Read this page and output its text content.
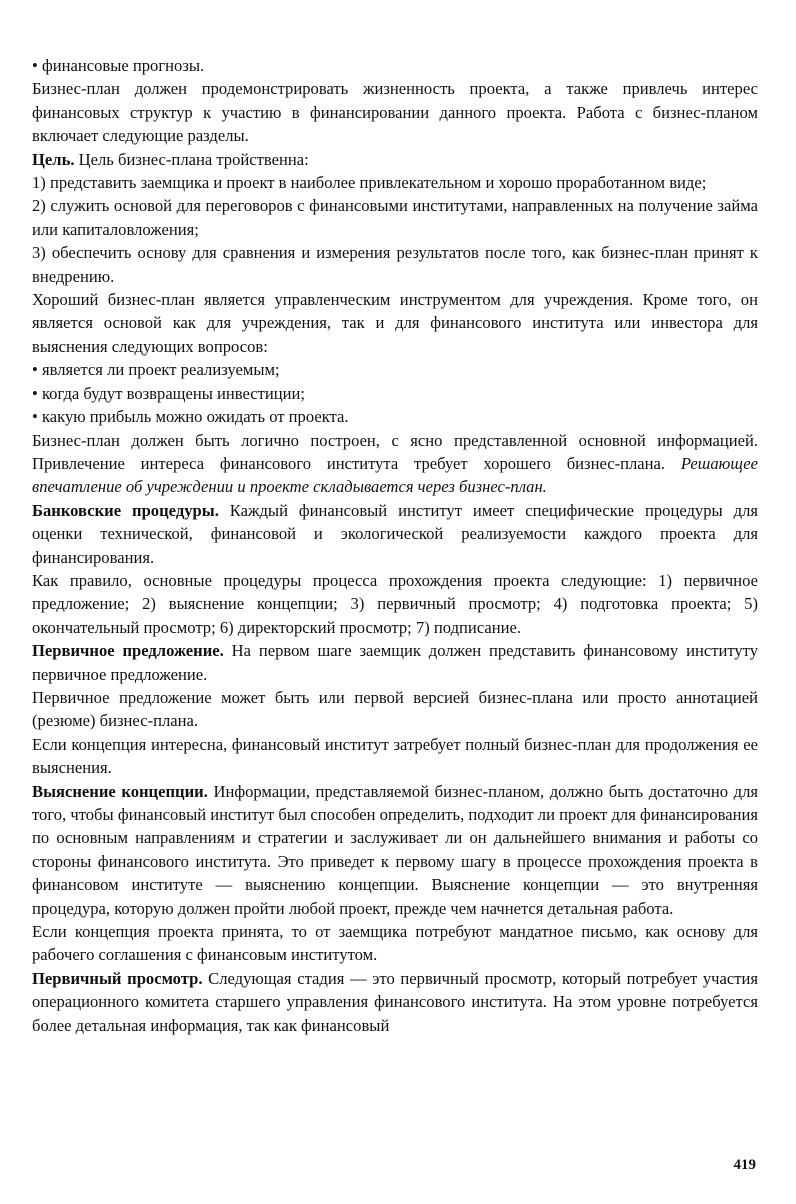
• финансовые прогнозы.

Бизнес-план должен продемонстрировать жизненность проекта, а также привлечь интерес финансовых структур к участию в финансировании данного проекта. Работа с бизнес-планом включает следующие разделы.

Цель. Цель бизнес-плана тройственна:

1) представить заемщика и проект в наиболее привлекательном и хорошо проработанном виде;

2) служить основой для переговоров с финансовыми институтами, направленных на получение займа или капиталовложения;

3) обеспечить основу для сравнения и измерения результатов после того, как бизнес-план принят к внедрению.

Хороший бизнес-план является управленческим инструментом для учреждения. Кроме того, он является основой как для учреждения, так и для финансового института или инвестора для выяснения следующих вопросов:

• является ли проект реализуемым;

• когда будут возвращены инвестиции;

• какую прибыль можно ожидать от проекта.

Бизнес-план должен быть логично построен, с ясно представленной основной информацией. Привлечение интереса финансового института требует хорошего бизнес-плана. Решающее впечатление об учреждении и проекте складывается через бизнес-план.

Банковские процедуры. Каждый финансовый институт имеет специфические процедуры для оценки технической, финансовой и экологической реализуемости каждого проекта для финансирования.

Как правило, основные процедуры процесса прохождения проекта следующие: 1) первичное предложение; 2) выяснение концепции; 3) первичный просмотр; 4) подготовка проекта; 5) окончательный просмотр; 6) директорский просмотр; 7) подписание.

Первичное предложение. На первом шаге заемщик должен представить финансовому институту первичное предложение.

Первичное предложение может быть или первой версией бизнес-плана или просто аннотацией (резюме) бизнес-плана.

Если концепция интересна, финансовый институт затребует полный бизнес-план для продолжения ее выяснения.

Выяснение концепции. Информации, представляемой бизнес-планом, должно быть достаточно для того, чтобы финансовый институт был способен определить, подходит ли проект для финансирования по основным направлениям и стратегии и заслуживает ли он дальнейшего внимания и работы со стороны финансового института. Это приведет к первому шагу в процессе прохождения проекта в финансовом институте — выяснению концепции. Выяснение концепции — это внутренняя процедура, которую должен пройти любой проект, прежде чем начнется детальная работа.

Если концепция проекта принята, то от заемщика потребуют мандатное письмо, как основу для рабочего соглашения с финансовым институтом.

Первичный просмотр. Следующая стадия — это первичный просмотр, который потребует участия операционного комитета старшего управления финансового института. На этом уровне потребуется более детальная информация, так как финансовый

419
